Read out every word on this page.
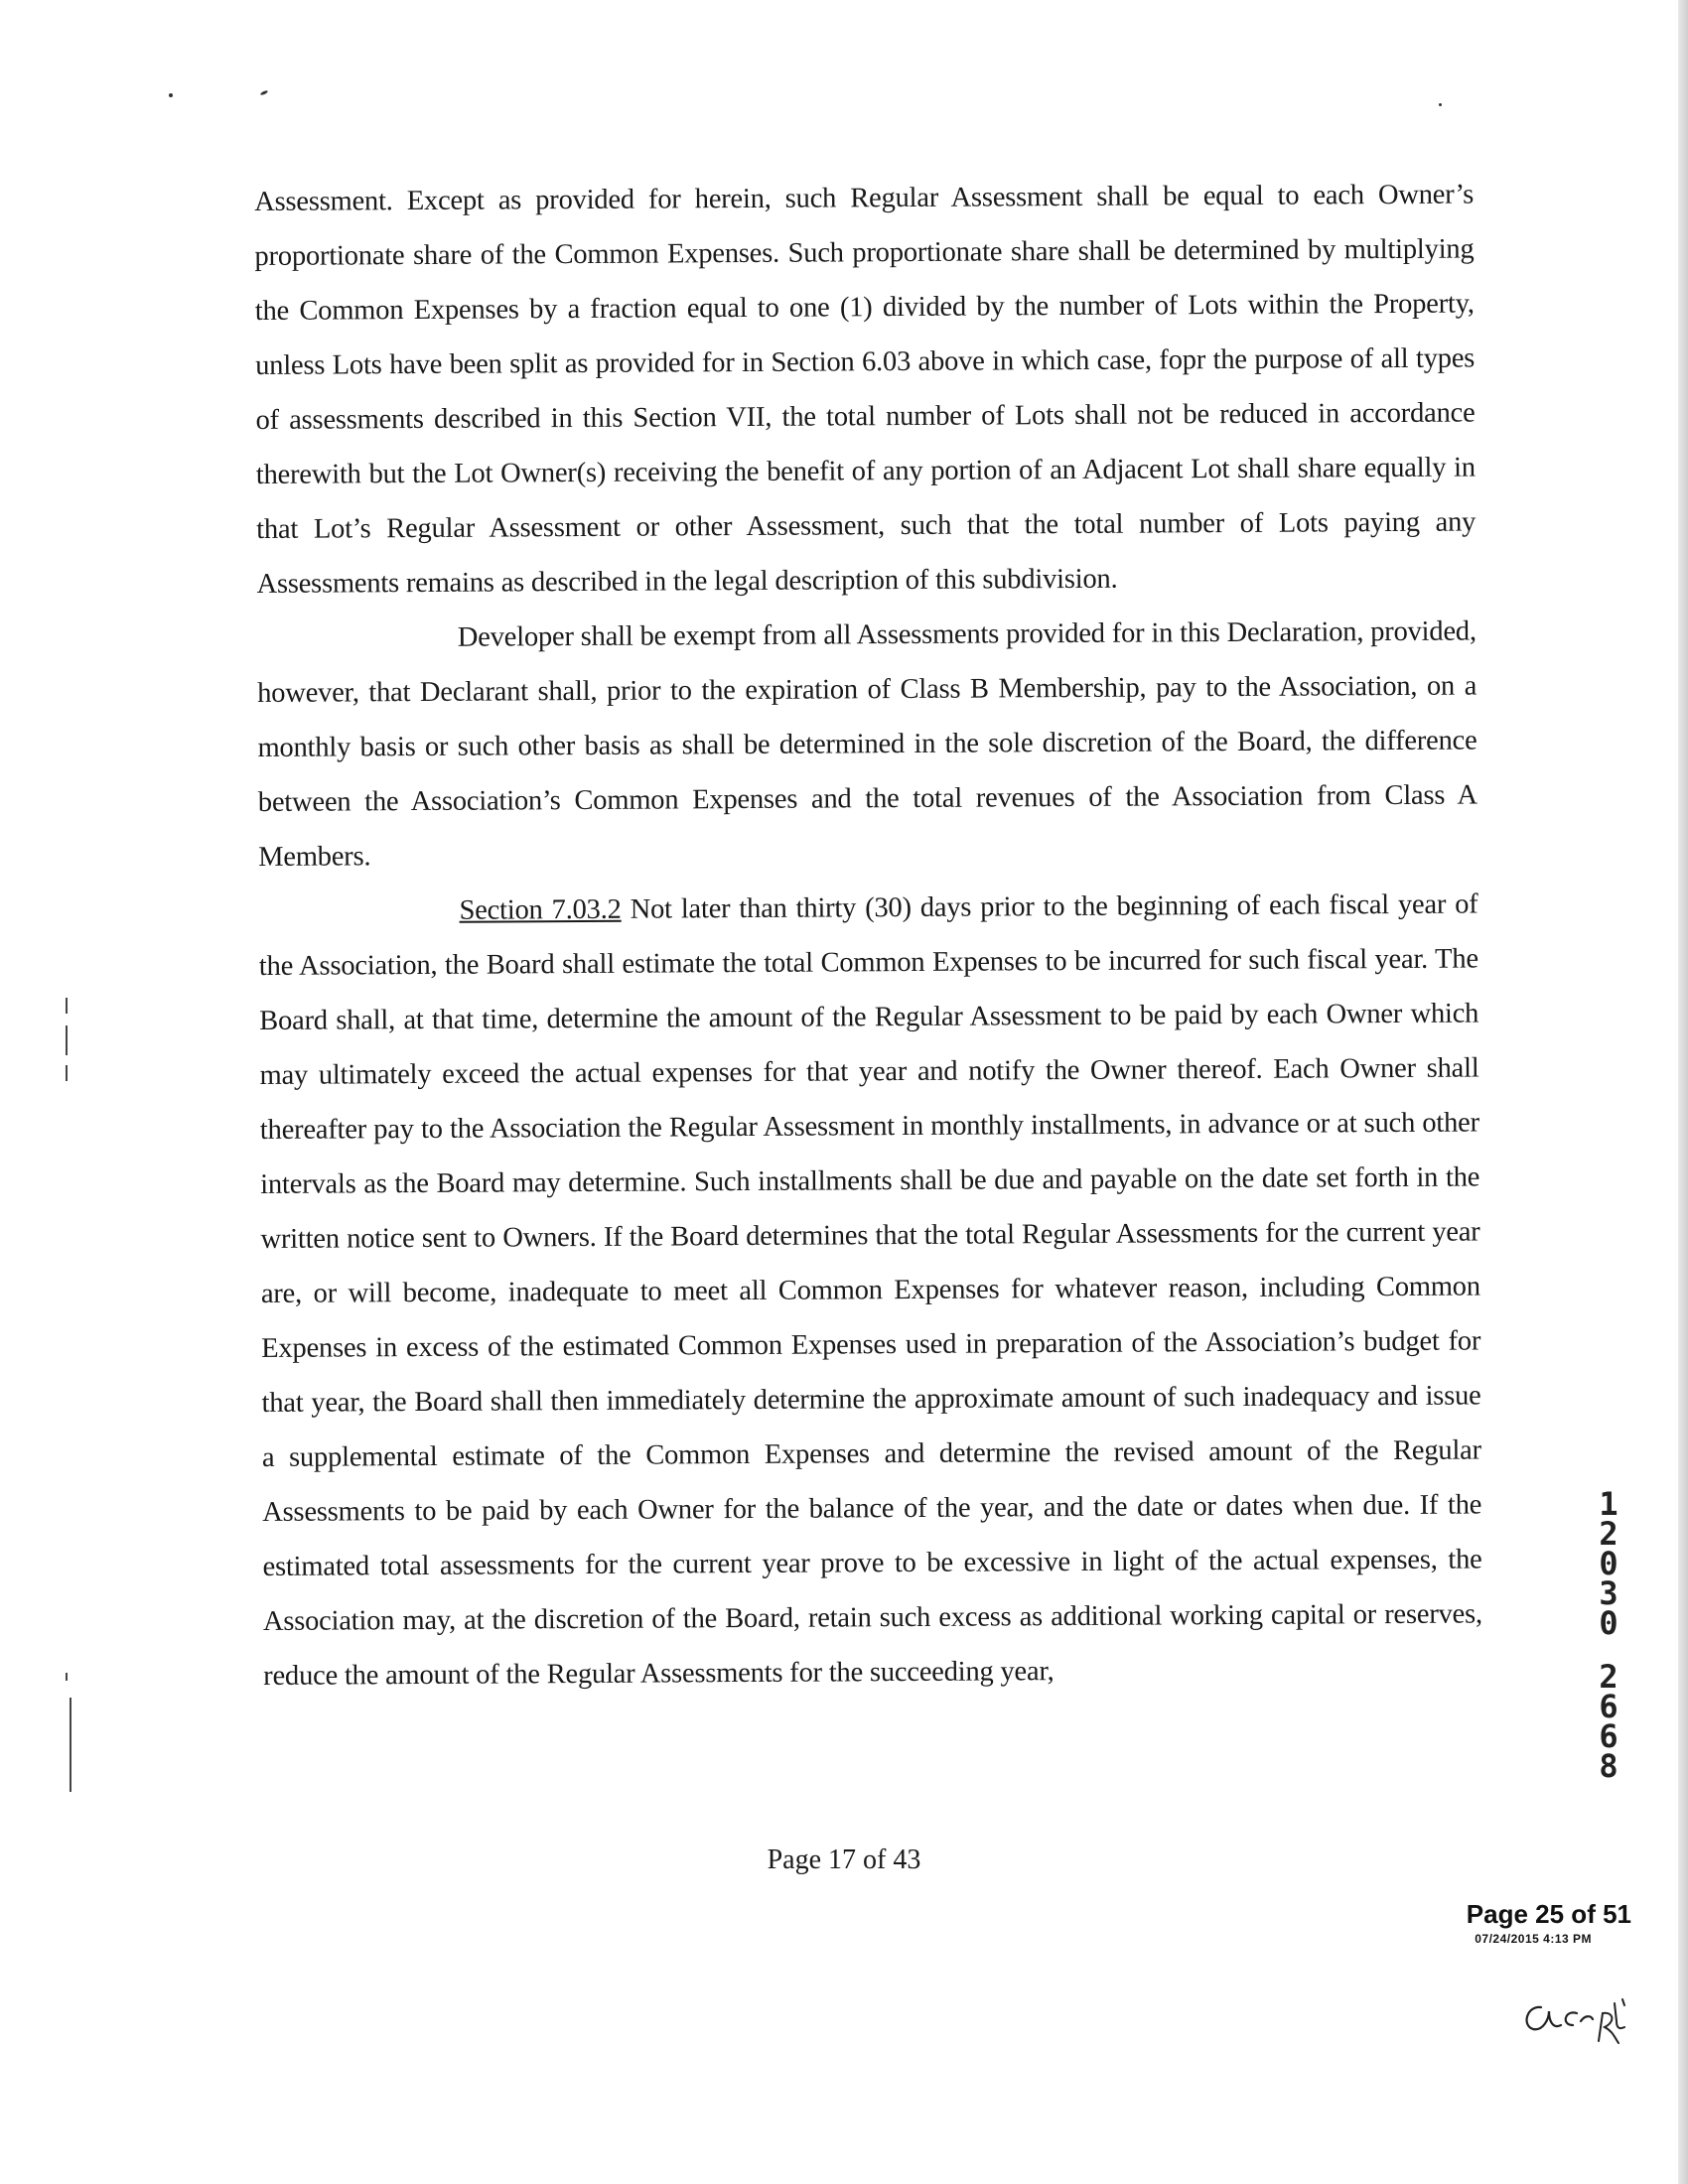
Assessment. Except as provided for herein, such Regular Assessment shall be equal to each Owner’s proportionate share of the Common Expenses. Such proportionate share shall be determined by multiplying the Common Expenses by a fraction equal to one (1) divided by the number of Lots within the Property, unless Lots have been split as provided for in Section 6.03 above in which case, fopr the purpose of all types of assessments described in this Section VII, the total number of Lots shall not be reduced in accordance therewith but the Lot Owner(s) receiving the benefit of any portion of an Adjacent Lot shall share equally in that Lot’s Regular Assessment or other Assessment, such that the total number of Lots paying any Assessments remains as described in the legal description of this subdivision.

Developer shall be exempt from all Assessments provided for in this Declaration, provided, however, that Declarant shall, prior to the expiration of Class B Membership, pay to the Association, on a monthly basis or such other basis as shall be determined in the sole discretion of the Board, the difference between the Association’s Common Expenses and the total revenues of the Association from Class A Members.

Section 7.03.2 Not later than thirty (30) days prior to the beginning of each fiscal year of the Association, the Board shall estimate the total Common Expenses to be incurred for such fiscal year. The Board shall, at that time, determine the amount of the Regular Assessment to be paid by each Owner which may ultimately exceed the actual expenses for that year and notify the Owner thereof. Each Owner shall thereafter pay to the Association the Regular Assessment in monthly installments, in advance or at such other intervals as the Board may determine. Such installments shall be due and payable on the date set forth in the written notice sent to Owners. If the Board determines that the total Regular Assessments for the current year are, or will become, inadequate to meet all Common Expenses for whatever reason, including Common Expenses in excess of the estimated Common Expenses used in preparation of the Association’s budget for that year, the Board shall then immediately determine the approximate amount of such inadequacy and issue a supplemental estimate of the Common Expenses and determine the revised amount of the Regular Assessments to be paid by each Owner for the balance of the year, and the date or dates when due. If the estimated total assessments for the current year prove to be excessive in light of the actual expenses, the Association may, at the discretion of the Board, retain such excess as additional working capital or reserves, reduce the amount of the Regular Assessments for the succeeding year,

Page 17 of 43
1
2
0
3
0
2
6
6
8
Page 25 of 51
07/24/2015 4:13 PM
